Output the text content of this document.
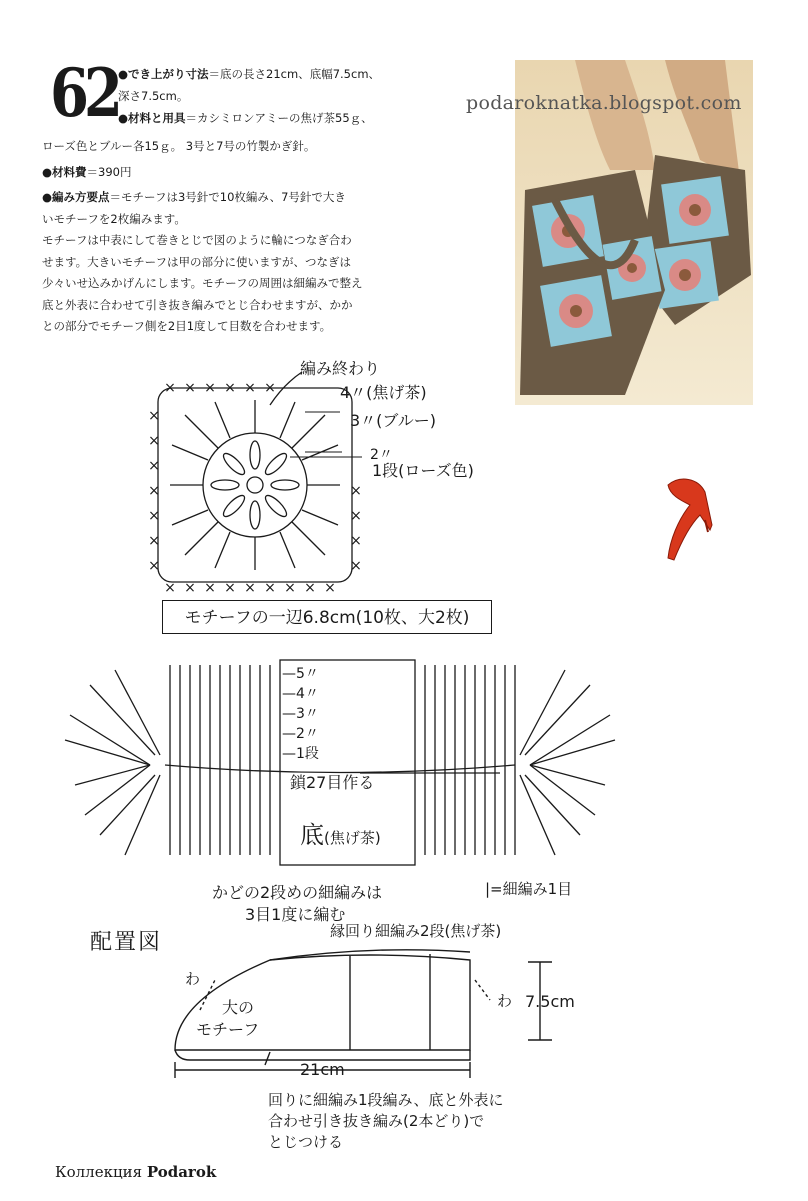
62 ●でき上がり寸法＝底の長さ21cm、底幅7.5cm、
深さ7.5cm。
●材料と用具＝カシミロンアミーの焦げ茶55ｇ、
ローズ色とブルー各15ｇ。 3号と7号の竹製かぎ針。
●材料費＝390円
●編み方要点＝モチーフは3号針で10枚編み、7号針で大き
いモチーフを2枚編みます。
モチーフは中表にして巻きとじで図のように輪につなぎ合わ
せます。大きいモチーフは甲の部分に使いますが、つなぎは
少々いせ込みかげんにします。モチーフの周囲は細編みで整え
底と外表に合わせて引き抜き編みでとじ合わせますが、かか
との部分でモチーフ側を2目1度して目数を合わせます。
podaroknatka.blogspot.com
× × × × × ×
× × × × × × × × ×
×
×
×
×
×
×
×
×
×
×
×
編み終わり
4〃(焦げ茶)
3〃(ブルー)
2〃
1段(ローズ色)
モチーフの一辺6.8cm(10枚、大2枚)
—5〃
—4〃
—3〃
—2〃
—1段
鎖27目作る
底(焦げ茶)
かどの2段めの細編みは
3目1度に編む
|=細編み1目
配置図	縁回り細編み2段(焦げ茶)
わ
わ
大の
モチーフ
7.5cm
21cm
回りに細編み1段編み、底と外表に
合わせ引き抜き編み(2本どり)で
とじつける
Коллекция Podarok
